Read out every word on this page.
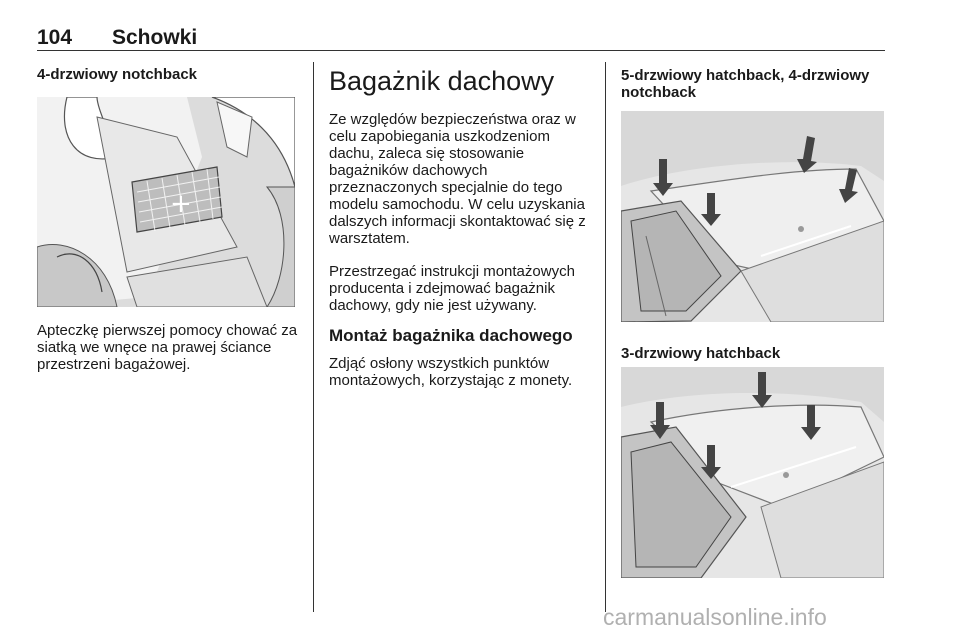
104 Schowki
4-drzwiowy notchback
+

Apteczkę pierwszej pomocy chować za siatką we wnęce na prawej ściance przestrzeni bagażowej.

Bagażnik dachowy

Ze względów bezpieczeństwa oraz w celu zapobiegania uszkodzeniom dachu, zaleca się stosowanie bagażników dachowych przeznaczonych specjalnie do tego modelu samochodu. W celu uzyskania dalszych informacji skontaktować się z warsztatem.

Przestrzegać instrukcji montażowych producenta i zdejmować bagażnik dachowy, gdy nie jest używany.

Montaż bagażnika dachowego

Zdjąć osłony wszystkich punktów montażowych, korzystając z monety.

5-drzwiowy hatchback, 4-drzwiowy notchback
3-drzwiowy hatchback
carmanualsonline.info
